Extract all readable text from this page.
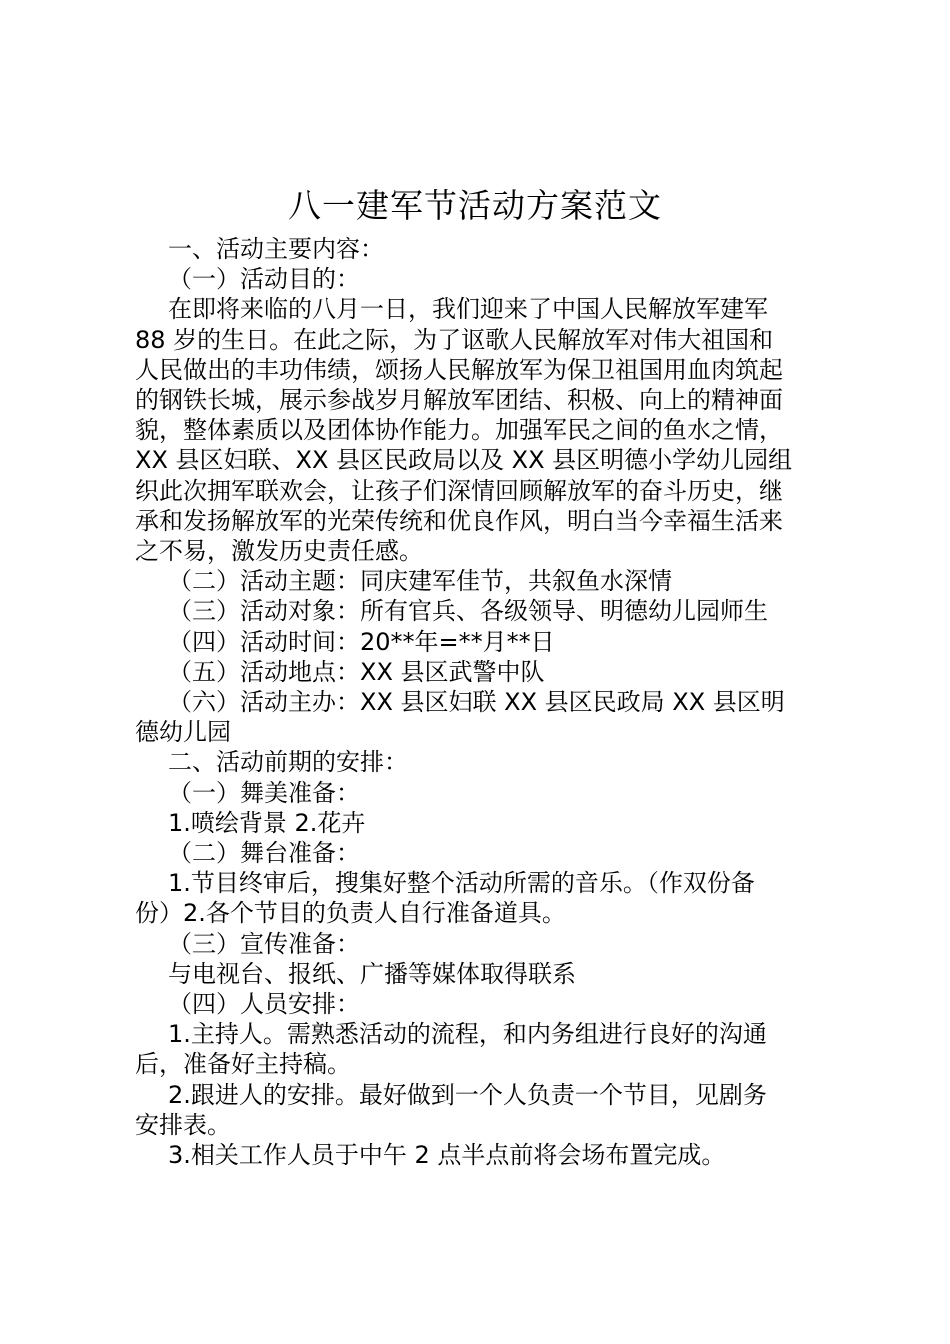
八一建军节活动方案范文

一、活动主要内容：

（一）活动目的：

在即将来临的八月一日，我们迎来了中国人民解放军建军

88 岁的生日。在此之际，为了讴歌人民解放军对伟大祖国和

人民做出的丰功伟绩，颂扬人民解放军为保卫祖国用血肉筑起

的钢铁长城，展示参战岁月解放军团结、积极、向上的精神面

貌，整体素质以及团体协作能力。加强军民之间的鱼水之情，

XX 县区妇联、XX 县区民政局以及 XX 县区明德小学幼儿园组

织此次拥军联欢会，让孩子们深情回顾解放军的奋斗历史，继

承和发扬解放军的光荣传统和优良作风，明白当今幸福生活来

之不易，激发历史责任感。

（二）活动主题：同庆建军佳节，共叙鱼水深情

（三）活动对象：所有官兵、各级领导、明德幼儿园师生

（四）活动时间：20**年=**月**日

（五）活动地点：XX 县区武警中队

（六）活动主办：XX 县区妇联 XX 县区民政局 XX 县区明

德幼儿园

二、活动前期的安排：

（一）舞美准备：

1.喷绘背景 2.花卉

（二）舞台准备：

1.节目终审后，搜集好整个活动所需的音乐。（作双份备

份）2.各个节目的负责人自行准备道具。

（三）宣传准备：

与电视台、报纸、广播等媒体取得联系

（四）人员安排：

1.主持人。需熟悉活动的流程，和内务组进行良好的沟通

后，准备好主持稿。

2.跟进人的安排。最好做到一个人负责一个节目，见剧务

安排表。

3.相关工作人员于中午 2 点半点前将会场布置完成。
